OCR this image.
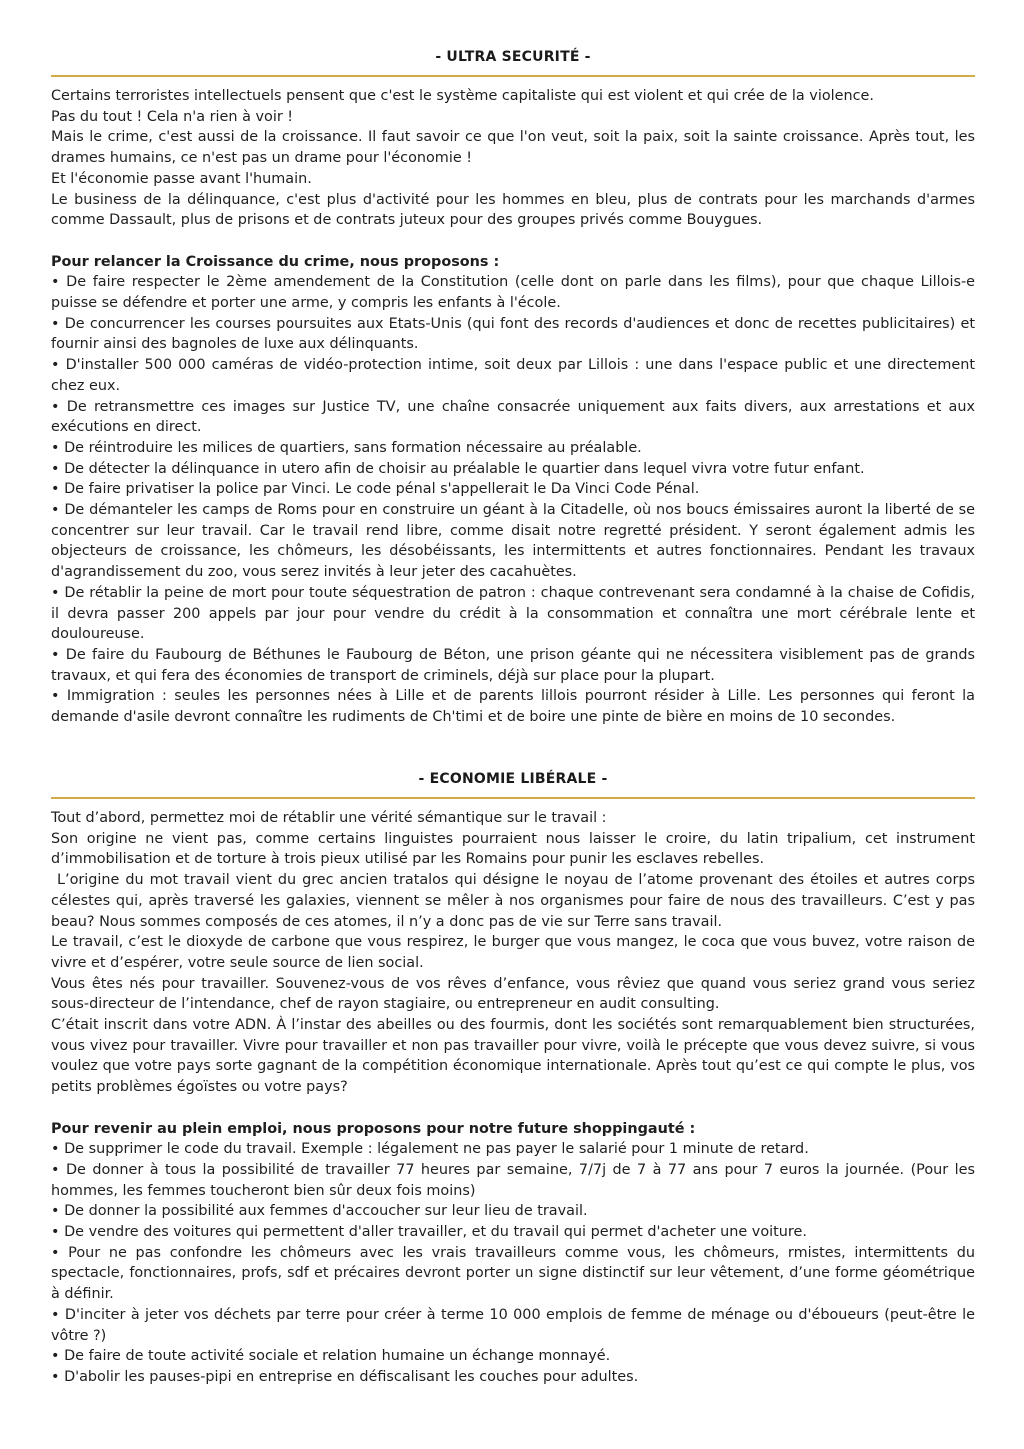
- ULTRA SECURITÉ -

Certains terroristes intellectuels pensent que c'est le système capitaliste qui est violent et qui crée de la violence.

Pas du tout ! Cela n'a rien à voir !

Mais le crime, c'est aussi de la croissance. Il faut savoir ce que l'on veut, soit la paix, soit la sainte croissance. Après tout, les drames humains, ce n'est pas un drame pour l'économie !

Et l'économie passe avant l'humain.

Le business de la délinquance, c'est plus d'activité pour les hommes en bleu, plus de contrats pour les marchands d'armes comme Dassault, plus de prisons et de contrats juteux pour des groupes privés comme Bouygues.

Pour relancer la Croissance du crime, nous proposons :

• De faire respecter le 2ème amendement de la Constitution (celle dont on parle dans les films), pour que chaque Lillois-e puisse se défendre et porter une arme, y compris les enfants à l'école.

• De concurrencer les courses poursuites aux Etats-Unis (qui font des records d'audiences et donc de recettes publicitaires) et fournir ainsi des bagnoles de luxe aux délinquants.

• D'installer 500 000 caméras de vidéo-protection intime, soit deux par Lillois : une dans l'espace public et une directement chez eux.

• De retransmettre ces images sur Justice TV, une chaîne consacrée uniquement aux faits divers, aux arrestations et aux exécutions en direct.

• De réintroduire les milices de quartiers, sans formation nécessaire au préalable.

• De détecter la délinquance in utero afin de choisir au préalable le quartier dans lequel vivra votre futur enfant.

• De faire privatiser la police par Vinci. Le code pénal s'appellerait le Da Vinci Code Pénal.

• De démanteler les camps de Roms pour en construire un géant à la Citadelle, où nos boucs émissaires auront la liberté de se concentrer sur leur travail. Car le travail rend libre, comme disait notre regretté président. Y seront également admis les objecteurs de croissance, les chômeurs, les désobéissants, les intermittents et autres fonctionnaires. Pendant les travaux d'agrandissement du zoo, vous serez invités à leur jeter des cacahuètes.

• De rétablir la peine de mort pour toute séquestration de patron : chaque contrevenant sera condamné à la chaise de Cofidis, il devra passer 200 appels par jour pour vendre du crédit à la consommation et connaîtra une mort cérébrale lente et douloureuse.

• De faire du Faubourg de Béthunes le Faubourg de Béton, une prison géante qui ne nécessitera visiblement pas de grands travaux, et qui fera des économies de transport de criminels, déjà sur place pour la plupart.

• Immigration : seules les personnes nées à Lille et de parents lillois pourront résider à Lille. Les personnes qui feront la demande d'asile devront connaître les rudiments de Ch'timi et de boire une pinte de bière en moins de 10 secondes.

- ECONOMIE LIBÉRALE -

Tout d’abord, permettez moi de rétablir une vérité sémantique sur le travail :

Son origine ne vient pas, comme certains linguistes pourraient nous laisser le croire, du latin tripalium, cet instrument d’immobilisation et de torture à trois pieux utilisé par les Romains pour punir les esclaves rebelles.

L’origine du mot travail vient du grec ancien tratalos qui désigne le noyau de l’atome provenant des étoiles et autres corps célestes qui, après traversé les galaxies, viennent se mêler à nos organismes pour faire de nous des travailleurs. C’est y pas beau? Nous sommes composés de ces atomes, il n’y a donc pas de vie sur Terre sans travail.

Le travail, c’est le dioxyde de carbone que vous respirez, le burger que vous mangez, le coca que vous buvez, votre raison de vivre et d’espérer, votre seule source de lien social.

Vous êtes nés pour travailler. Souvenez-vous de vos rêves d’enfance, vous rêviez que quand vous seriez grand vous seriez sous-directeur de l’intendance, chef de rayon stagiaire, ou entrepreneur en audit consulting.

C’était inscrit dans votre ADN. À l’instar des abeilles ou des fourmis, dont les sociétés sont remarquablement bien structurées, vous vivez pour travailler. Vivre pour travailler et non pas travailler pour vivre, voilà le précepte que vous devez suivre, si vous voulez que votre pays sorte gagnant de la compétition économique internationale. Après tout qu’est ce qui compte le plus, vos petits problèmes égoïstes ou votre pays?

Pour revenir au plein emploi, nous proposons pour notre future shoppingauté :

• De supprimer le code du travail. Exemple : légalement ne pas payer le salarié pour 1 minute de retard.

• De donner à tous la possibilité de travailler 77 heures par semaine, 7/7j de 7 à 77 ans pour 7 euros la journée. (Pour les hommes, les femmes toucheront bien sûr deux fois moins)

• De donner la possibilité aux femmes d'accoucher sur leur lieu de travail.

• De vendre des voitures qui permettent d'aller travailler, et du travail qui permet d'acheter une voiture.

• Pour ne pas confondre les chômeurs avec les vrais travailleurs comme vous, les chômeurs, rmistes, intermittents du spectacle, fonctionnaires, profs, sdf et précaires devront porter un signe distinctif sur leur vêtement, d’une forme géométrique à définir.

• D'inciter à jeter vos déchets par terre pour créer à terme 10 000 emplois de femme de ménage ou d'éboueurs (peut-être le vôtre ?)

• De faire de toute activité sociale et relation humaine un échange monnayé.

• D'abolir les pauses-pipi en entreprise en défiscalisant les couches pour adultes.
